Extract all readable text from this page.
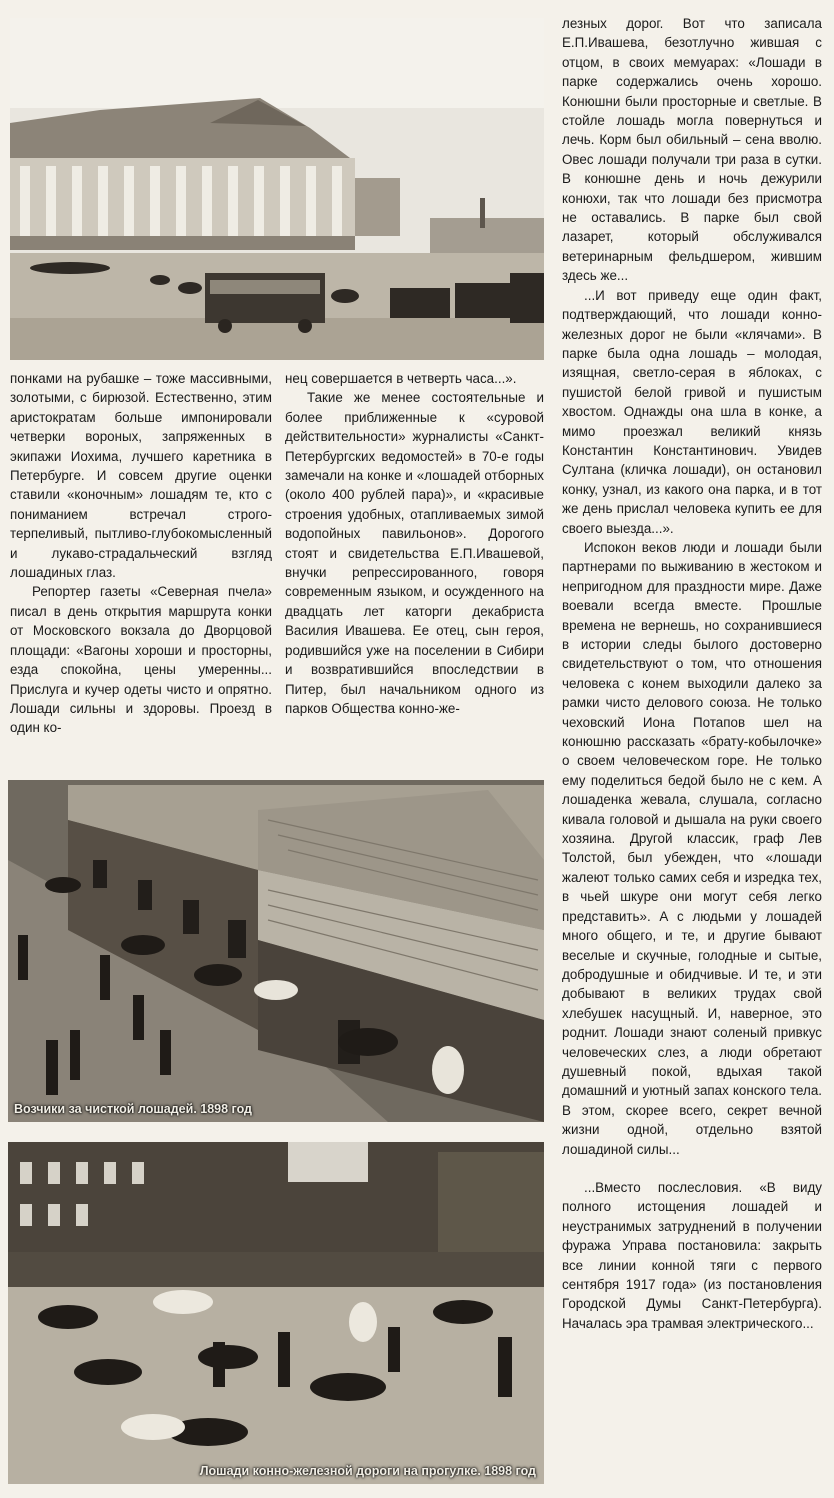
Возчики за чисткой лошадей. 1898 год
Лошади конно-железной дороги на прогулке. 1898 год

понками на рубашке – тоже массивными, золотыми, с бирюзой. Естественно, этим аристократам больше импонировали четверки вороных, запряженных в экипажи Иохима, лучшего каретника в Петербурге. И совсем другие оценки ставили «коночным» лошадям те, кто с пониманием встречал строго-терпеливый, пытливо-глубокомысленный и лукаво-страдальческий взгляд лошадиных глаз.

Репортер газеты «Северная пчела» писал в день открытия маршрута конки от Московского вокзала до Дворцовой площади: «Вагоны хороши и просторны, езда спокойна, цены умеренны... Прислуга и кучер одеты чисто и опрятно. Лошади сильны и здоровы. Проезд в один ко-

нец совершается в четверть часа...».

Такие же менее состоятельные и более приближенные к «суровой действительности» журналисты «Санкт-Петербургских ведомостей» в 70-е годы замечали на конке и «лошадей отборных (около 400 рублей пара)», и «красивые строения удобных, отапливаемых зимой водопойных павильонов». Дорогого стоят и свидетельства Е.П.Ивашевой, внучки репрессированного, говоря современным языком, и осужденного на двадцать лет каторги декабриста Василия Ивашева. Ее отец, сын героя, родившийся уже на поселении в Сибири и возвратившийся впоследствии в Питер, был начальником одного из парков Общества конно-же-

лезных дорог. Вот что записала Е.П.Ивашева, безотлучно жившая с отцом, в своих мемуарах: «Лошади в парке содержались очень хорошо. Конюшни были просторные и светлые. В стойле лошадь могла повернуться и лечь. Корм был обильный – сена вволю. Овес лошади получали три раза в сутки. В конюшне день и ночь дежурили конюхи, так что лошади без присмотра не оставались. В парке был свой лазарет, который обслуживался ветеринарным фельдшером, жившим здесь же...

...И вот приведу еще один факт, подтверждающий, что лошади конно-железных дорог не были «клячами». В парке была одна лошадь – молодая, изящная, светло-серая в яблоках, с пушистой белой гривой и пушистым хвостом. Однажды она шла в конке, а мимо проезжал великий князь Константин Константинович. Увидев Султана (кличка лошади), он остановил конку, узнал, из какого она парка, и в тот же день прислал человека купить ее для своего выезда...».

Испокон веков люди и лошади были партнерами по выживанию в жестоком и непригодном для праздности мире. Даже воевали всегда вместе. Прошлые времена не вернешь, но сохранившиеся в истории следы былого достоверно свидетельствуют о том, что отношения человека с конем выходили далеко за рамки чисто делового союза. Не только чеховский Иона Потапов шел на конюшню рассказать «брату-кобылочке» о своем человеческом горе. Не только ему поделиться бедой было не с кем. А лошаденка жевала, слушала, согласно кивала головой и дышала на руки своего хозяина. Другой классик, граф Лев Толстой, был убежден, что «лошади жалеют только самих себя и изредка тех, в чьей шкуре они могут себя легко представить». А с людьми у лошадей много общего, и те, и другие бывают веселые и скучные, голодные и сытые, добродушные и обидчивые. И те, и эти добывают в великих трудах свой хлебушек насущный. И, наверное, это роднит. Лошади знают соленый привкус человеческих слез, а люди обретают душевный покой, вдыхая такой домашний и уютный запах конского тела. В этом, скорее всего, секрет вечной жизни одной, отдельно взятой лошадиной силы...

...Вместо послесловия. «В виду полного истощения лошадей и неустранимых затруднений в получении фуража Управа постановила: закрыть все линии конной тяги с первого сентября 1917 года» (из постановления Городской Думы Санкт-Петербурга). Началась эра трамвая электрического...
